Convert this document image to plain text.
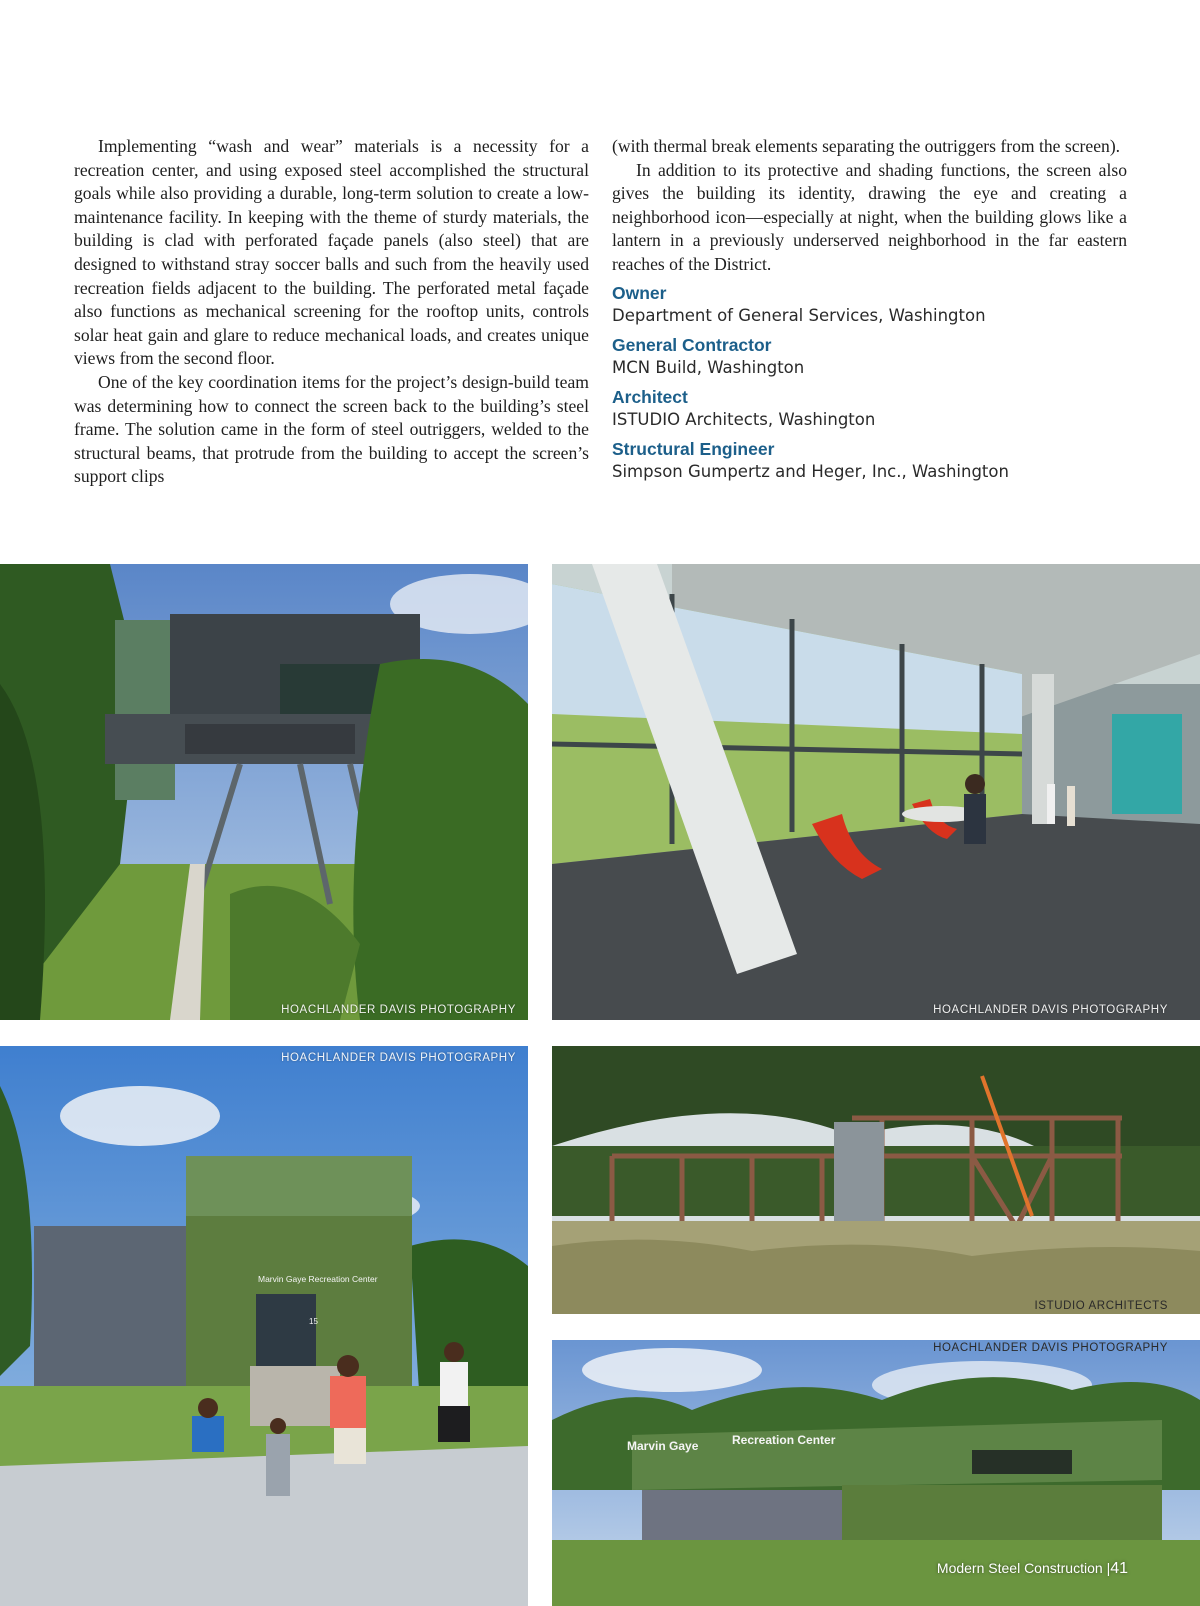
Implementing “wash and wear” materials is a necessity for a recreation center, and using exposed steel accomplished the structural goals while also providing a durable, long-term solution to create a low-maintenance facility. In keeping with the theme of sturdy materials, the building is clad with perforated façade panels (also steel) that are designed to withstand stray soccer balls and such from the heavily used recreation fields adjacent to the building. The perforated metal façade also functions as mechanical screening for the rooftop units, controls solar heat gain and glare to reduce mechanical loads, and creates unique views from the second floor.

One of the key coordination items for the project’s design-build team was determining how to connect the screen back to the building’s steel frame. The solution came in the form of steel outriggers, welded to the structural beams, that protrude from the building to accept the screen’s support clips

(with thermal break elements separating the outriggers from the screen).

In addition to its protective and shading functions, the screen also gives the building its identity, drawing the eye and creating a neighborhood icon—especially at night, when the building glows like a lantern in a previously underserved neighborhood in the far eastern reaches of the District.

Owner
Department of General Services, Washington
General Contractor
MCN Build, Washington
Architect
ISTUDIO Architects, Washington
Structural Engineer
Simpson Gumpertz and Heger, Inc., Washington
HOACHLANDER DAVIS PHOTOGRAPHY	HOACHLANDER DAVIS PHOTOGRAPHY
Marvin Gaye Recreation Center
15
HOACHLANDER DAVIS PHOTOGRAPHY
ISTUDIO ARCHITECTS
Marvin Gaye	Recreation Center
HOACHLANDER DAVIS PHOTOGRAPHY
Modern Steel Construction |41
